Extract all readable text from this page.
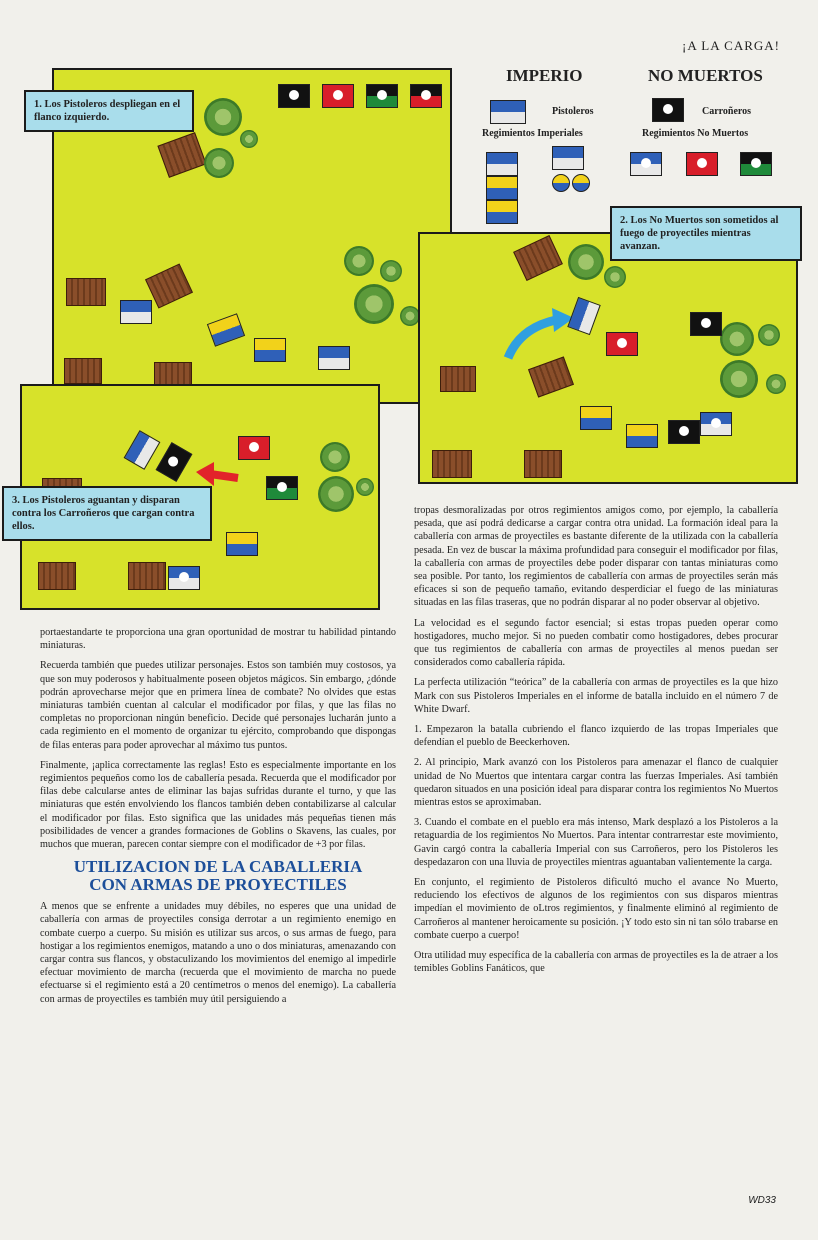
¡A LA CARGA!
1. Los Pistoleros despliegan en el flanco izquierdo.
IMPERIO	NO MUERTOS
Pistoleros	Carroñeros
Regimientos Imperiales	Regimientos No Muertos
2. Los No Muertos son sometidos al fuego de proyectiles mientras avanzan.
3. Los Pistoleros aguantan y disparan contra los Carroñeros que cargan contra ellos.

portaestandarte te proporciona una gran oportunidad de mostrar tu habilidad pintando miniaturas.

Recuerda también que puedes utilizar personajes. Estos son también muy costosos, ya que son muy poderosos y habitualmente poseen objetos mágicos. Sin embargo, ¿dónde podrán aprovecharse mejor que en primera línea de combate? No olvides que estas miniaturas también cuentan al calcular el modificador por filas, y que las filas no completas no proporcionan ningún beneficio. Decide qué personajes lucharán junto a cada regimiento en el momento de organizar tu ejército, comprobando que dispongas de filas enteras para poder aprovechar al máximo tus puntos.

Finalmente, ¡aplica correctamente las reglas! Esto es especialmente importante en los regimientos pequeños como los de caballería pesada. Recuerda que el modificador por filas debe calcularse antes de eliminar las bajas sufridas durante el turno, y que las miniaturas que estén envolviendo los flancos también deben contabilizarse al calcular el modificador por filas. Esto significa que las unidades más pequeñas tienen más posibilidades de vencer a grandes formaciones de Goblins o Skavens, las cuales, por muchos que mueran, parecen contar siempre con el modificador de +3 por filas.

UTILIZACION DE LA CABALLERIA
CON ARMAS DE PROYECTILES

A menos que se enfrente a unidades muy débiles, no esperes que una unidad de caballería con armas de proyectiles consiga derrotar a un regimiento enemigo en combate cuerpo a cuerpo. Su misión es utilizar sus arcos, o sus armas de fuego, para hostigar a los regimientos enemigos, matando a uno o dos miniaturas, amenazando con cargar contra sus flancos, y obstaculizando los movimientos del enemigo al impedirle efectuar movimiento de marcha (recuerda que el movimiento de marcha no puede efectuarse si el regimiento está a 20 centímetros o menos del enemigo). La caballería con armas de proyectiles es también muy útil persiguiendo a

tropas desmoralizadas por otros regimientos amigos como, por ejemplo, la caballería pesada, que así podrá dedicarse a cargar contra otra unidad. La formación ideal para la caballería con armas de proyectiles es bastante diferente de la utilizada con la caballería pesada. En vez de buscar la máxima profundidad para conseguir el modificador por filas, la caballería con armas de proyectiles debe poder disparar con tantas miniaturas como sea posible. Por tanto, los regimientos de caballería con armas de proyectiles serán más eficaces si son de pequeño tamaño, evitando desperdiciar el fuego de las miniaturas situadas en las filas traseras, que no podrán disparar al no poder observar al objetivo.

La velocidad es el segundo factor esencial; si estas tropas pueden operar como hostigadores, mucho mejor. Si no pueden combatir como hostigadores, debes procurar que tus regimientos de caballería con armas de proyectiles al menos puedan ser considerados como caballería rápida.

La perfecta utilización “teórica” de la caballería con armas de proyectiles es la que hizo Mark con sus Pistoleros Imperiales en el informe de batalla incluido en el número 7 de White Dwarf.

1. Empezaron la batalla cubriendo el flanco izquierdo de las tropas Imperiales que defendían el pueblo de Beeckerhoven.

2. Al principio, Mark avanzó con los Pistoleros para amenazar el flanco de cualquier unidad de No Muertos que intentara cargar contra las fuerzas Imperiales. Así también quedaron situados en una posición ideal para disparar contra los regimientos No Muertos mientras estos se aproximaban.

3. Cuando el combate en el pueblo era más intenso, Mark desplazó a los Pistoleros a la retaguardia de los regimientos No Muertos. Para intentar contrarrestar este movimiento, Gavin cargó contra la caballería Imperial con sus Carroñeros, pero los Pistoleros les despedazaron con una lluvia de proyectiles mientras aguantaban valientemente la carga.

En conjunto, el regimiento de Pistoleros dificultó mucho el avance No Muerto, reduciendo los efectivos de algunos de los regimientos con sus disparos mientras impedían el movimiento de oLtros regimientos, y finalmente eliminó al regimiento de Carroñeros al mantener heroicamente su posición. ¡Y todo esto sin ni tan sólo trabarse en combate cuerpo a cuerpo!

Otra utilidad muy específica de la caballería con armas de proyectiles es la de atraer a los temibles Goblins Fanáticos, que

WD33
